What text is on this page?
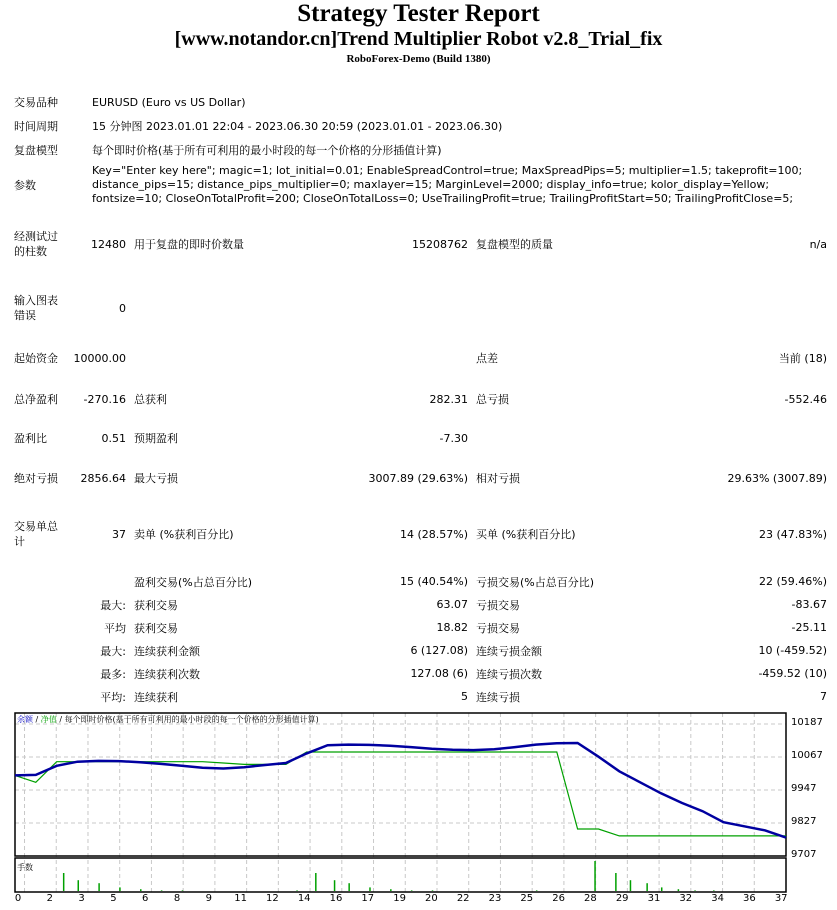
Strategy Tester Report
[www.notandor.cn]Trend Multiplier Robot v2.8_Trial_fix
RoboForex-Demo (Build 1380)
交易品种	EURUSD (Euro vs US Dollar)				
时间周期	15 分钟图 2023.01.01 22:04 - 2023.06.30 20:59 (2023.01.01 - 2023.06.30)				
复盘模型	每个即时价格(基于所有可利用的最小时段的每一个价格的分形插值计算)				
参数	Key="Enter key here"; magic=1; lot_initial=0.01; EnableSpreadControl=true; MaxSpreadPips=5; multiplier=1.5; takeprofit=100;
distance_pips=15; distance_pips_multiplier=0; maxlayer=15; MarginLevel=2000; display_info=true; kolor_display=Yellow;
fontsize=10; CloseOnTotalProfit=200; CloseOnTotalLoss=0; UseTrailingProfit=true; TrailingProfitStart=50; TrailingProfitClose=5;				

经测试过的柱数	12480	用于复盘的即时价数量	15208762	复盘模型的质量	n/a
输入图表错误	0				
起始资金	10000.00			点差	当前 (18)
总净盈利	-270.16	总获利	282.31	总亏损	-552.46
盈利比	0.51	预期盈利	-7.30		
绝对亏损	2856.64	最大亏损	3007.89 (29.63%)	相对亏损	29.63% (3007.89)
交易单总计	37	卖单 (%获利百分比)	14 (28.57%)	买单 (%获利百分比)	23 (47.83%)
		盈利交易(%占总百分比)	15 (40.54%)	亏损交易(%占总百分比)	22 (59.46%)
	最大:	获利交易	63.07	亏损交易	-83.67
	平均	获利交易	18.82	亏损交易	-25.11
	最大:	连续获利金额	6 (127.08)	连续亏损金额	10 (-459.52)
	最多:	连续获利次数	127.08 (6)	连续亏损次数	-459.52 (10)
	平均:	连续获利	5	连续亏损	7
余额 / 净值 / 每个即时价格(基于所有可利用的最小时段的每一个价格的分形插值计算)
手数
10187
10067
9947
9827
9707
0	2	3	5	6	8	9 11 12 14 16 17 19 20 22 23 25 26 28 29 31 32 34 36 37
